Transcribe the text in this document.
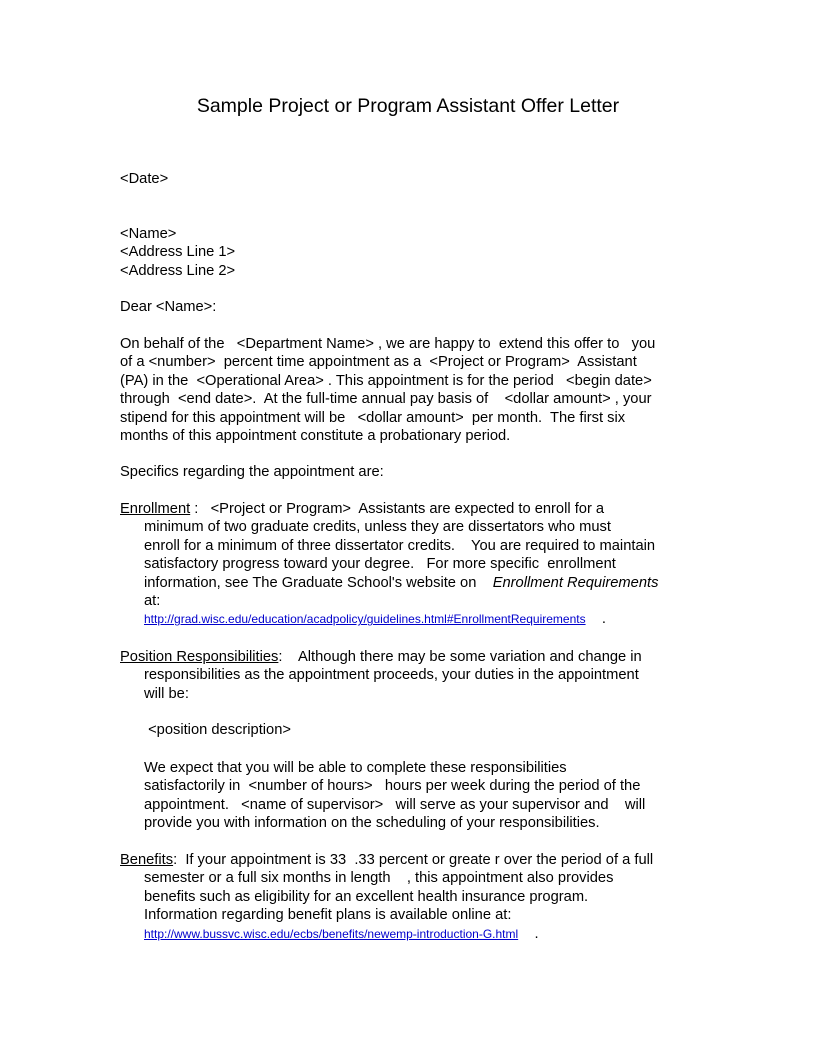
Sample Project or Program Assistant Offer Letter
<Date>
<Name>
<Address Line 1>
<Address Line 2>
Dear <Name>:
On behalf of the   <Department Name> , we are happy to  extend this offer to   you
of a <number>  percent time appointment as a  <Project or Program>  Assistant
(PA) in the  <Operational Area> . This appointment is for the period   <begin date>
through  <end date>.  At the full-time annual pay basis of    <dollar amount> , your
stipend for this appointment will be   <dollar amount>  per month.  The first six
months of this appointment constitute a probationary period.
Specifics regarding the appointment are:
Enrollment :   <Project or Program>  Assistants are expected to enroll for a
minimum of two graduate credits, unless they are dissertators who must
enroll for a minimum of three dissertator credits.    You are required to maintain
satisfactory progress toward your degree.   For more specific  enrollment
information, see The Graduate School's website on    Enrollment Requirements
at:
http://grad.wisc.edu/education/acadpolicy/guidelines.html#EnrollmentRequirements    .
Position Responsibilities:    Although there may be some variation and change in
responsibilities as the appointment proceeds, your duties in the appointment
will be:
<position description>
We expect that you will be able to complete these responsibilities
satisfactorily in  <number of hours>   hours per week during the period of the
appointment.   <name of supervisor>   will serve as your supervisor and    will
provide you with information on the scheduling of your responsibilities.
Benefits:  If your appointment is 33  .33 percent or greate r over the period of a full
semester or a full six months in length    , this appointment also provides
benefits such as eligibility for an excellent health insurance program.
Information regarding benefit plans is available online at:
http://www.bussvc.wisc.edu/ecbs/benefits/newemp-introduction-G.html    .
